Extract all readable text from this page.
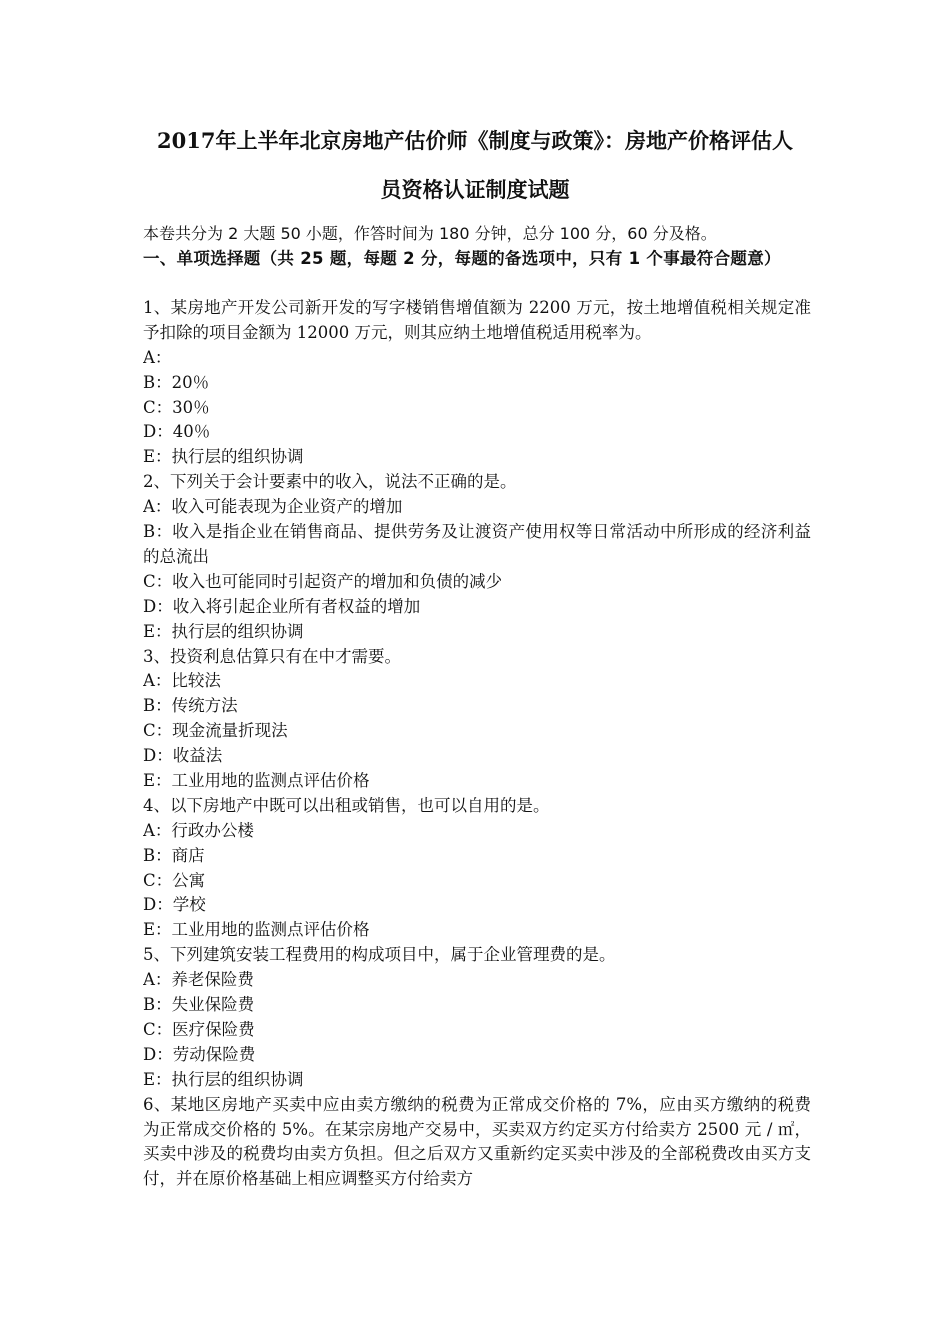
2017年上半年北京房地产估价师《制度与政策》：房地产价格评估人
员资格认证制度试题
本卷共分为 2 大题 50 小题，作答时间为 180 分钟，总分 100 分，60 分及格。
一、单项选择题（共 25 题，每题 2 分，每题的备选项中，只有 1 个事最符合题意）
1、某房地产开发公司新开发的写字楼销售增值额为 2200 万元，按土地增值税相关规定准予扣除的项目金额为 12000 万元，则其应纳土地增值税适用税率为。
A：
B：20％
C：30％
D：40％
E：执行层的组织协调
2、下列关于会计要素中的收入，说法不正确的是。
A：收入可能表现为企业资产的增加
B：收入是指企业在销售商品、提供劳务及让渡资产使用权等日常活动中所形成的经济利益的总流出
C：收入也可能同时引起资产的增加和负债的减少
D：收入将引起企业所有者权益的增加
E：执行层的组织协调
3、投资利息估算只有在中才需要。
A：比较法
B：传统方法
C：现金流量折现法
D：收益法
E：工业用地的监测点评估价格
4、以下房地产中既可以出租或销售，也可以自用的是。
A：行政办公楼
B：商店
C：公寓
D：学校
E：工业用地的监测点评估价格
5、下列建筑安装工程费用的构成项目中，属于企业管理费的是。
A：养老保险费
B：失业保险费
C：医疗保险费
D：劳动保险费
E：执行层的组织协调
6、某地区房地产买卖中应由卖方缴纳的税费为正常成交价格的 7%，应由买方缴纳的税费为正常成交价格的 5%。在某宗房地产交易中，买卖双方约定买方付给卖方 2500 元 / ㎡，买卖中涉及的税费均由卖方负担。但之后双方又重新约定买卖中涉及的全部税费改由买方支付，并在原价格基础上相应调整买方付给卖方
